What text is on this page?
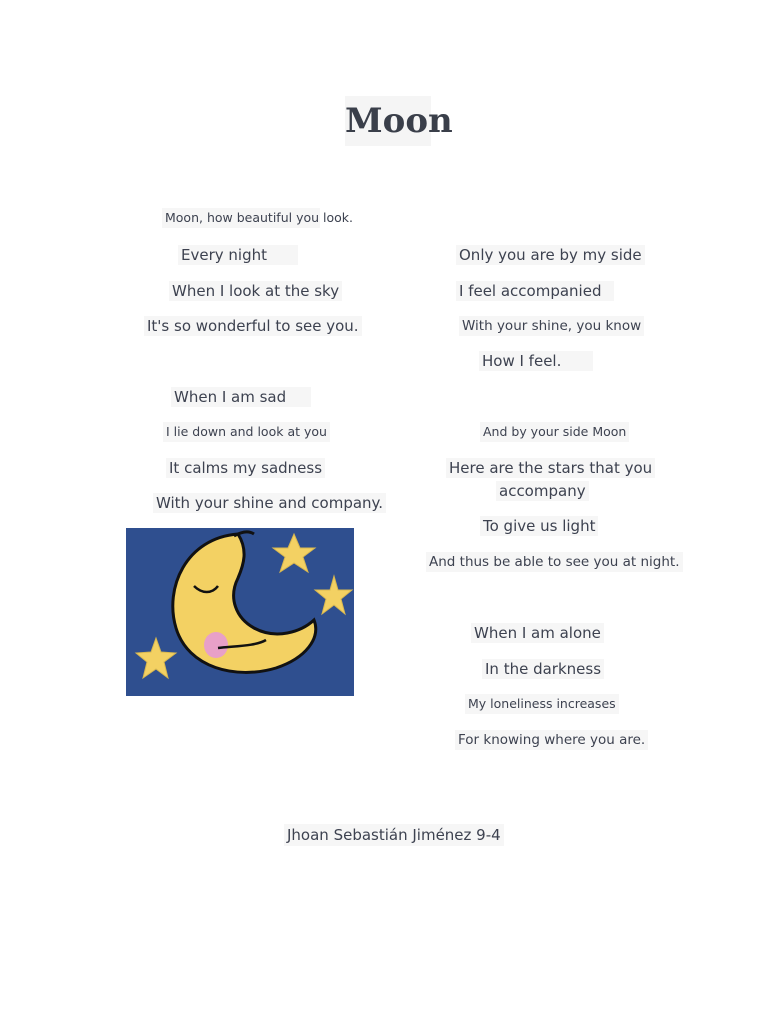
Moon
Moon, how beautiful you look.
Every night
When I look at the sky
It's so wonderful to see you.
When I am sad
I lie down and look at you
It calms my sadness
With your shine and company.
Only you are by my side
I feel accompanied
With your shine, you know
How I feel.
And by your side Moon
Here are the stars that you
accompany
To give us light
And thus be able to see you at night.
When I am alone
In the darkness
My loneliness increases
For knowing where you are.
Jhoan Sebastián Jiménez 9-4
